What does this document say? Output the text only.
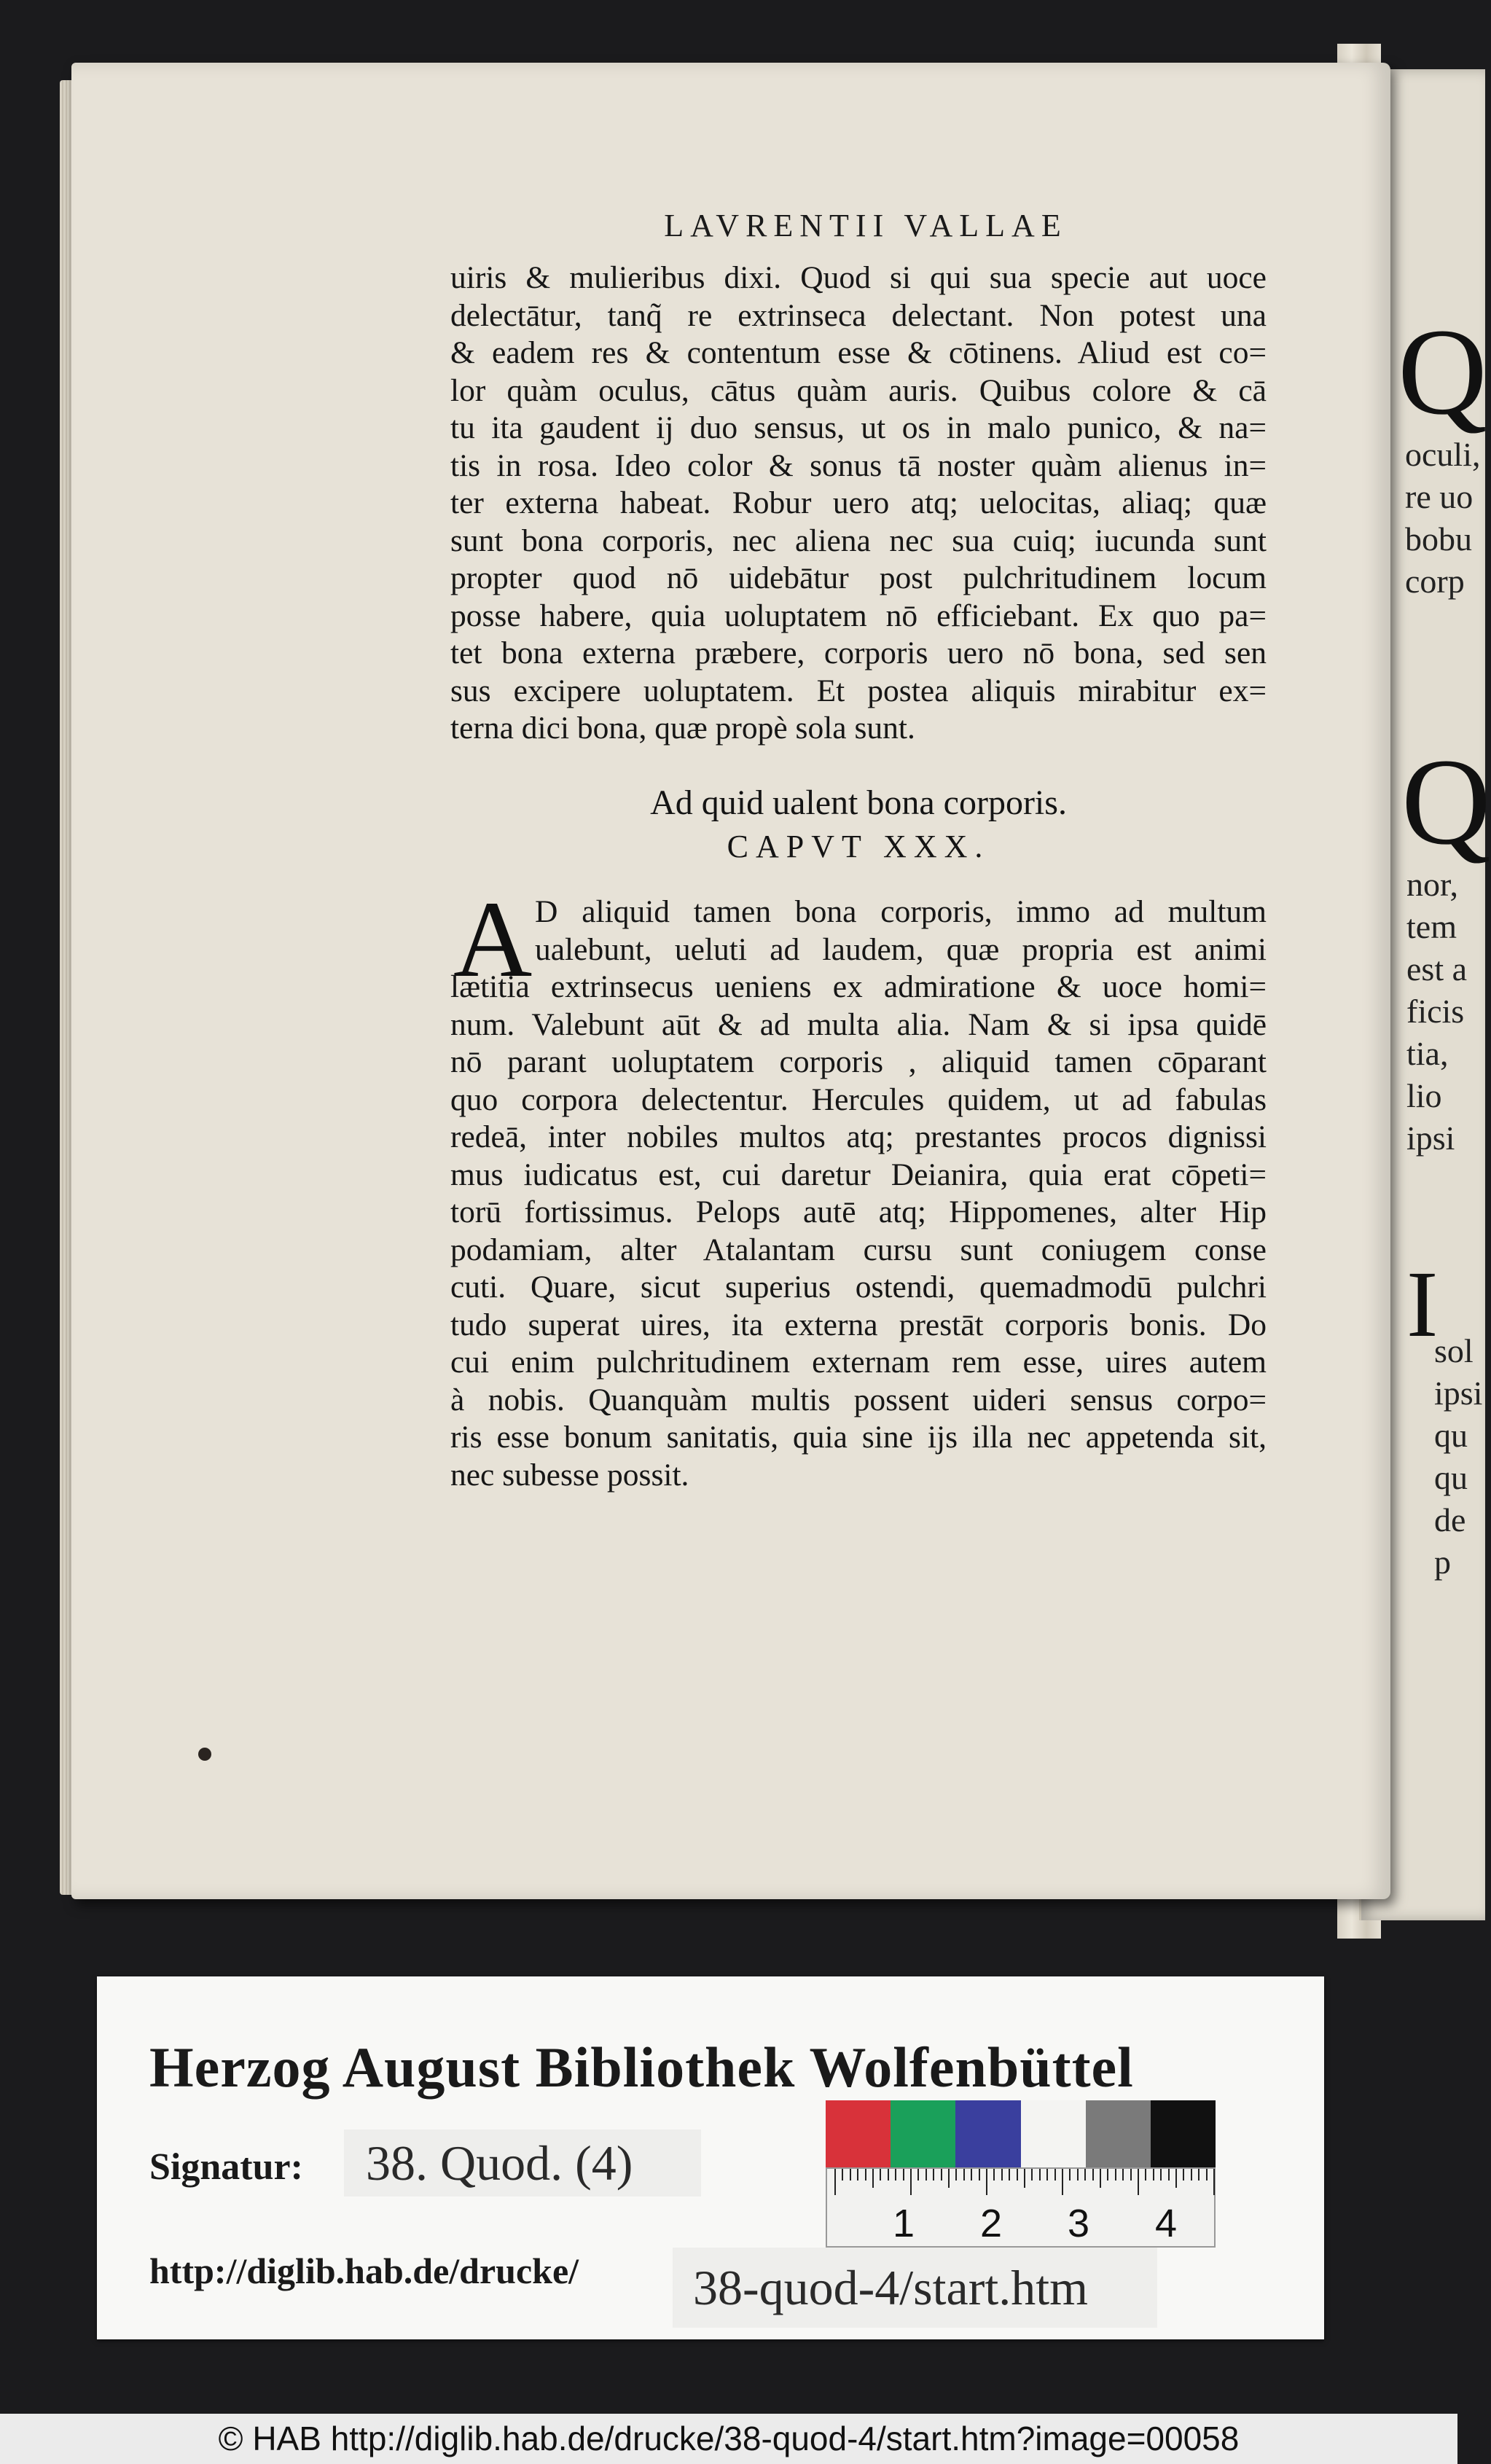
Q
oculi,
re uo
bobu
corp
Q
nor,
tem
est a
ficis
tia,
lio
ipsi
I
sol
ipsi
qu
qu
de
p
LAVRENTII VALLAE
uiris & mulieribus dixi. Quod si qui sua specie aut uoce
delectātur, tanq̃ re extrinseca delectant. Non potest una
& eadem res & contentum esse & cōtinens. Aliud est co=
lor quàm oculus, cātus quàm auris. Quibus colore & cā
tu ita gaudent ij duo sensus, ut os in malo punico, & na=
tis in rosa. Ideo color & sonus tā noster quàm alienus in=
ter externa habeat. Robur uero atq; uelocitas, aliaq; quæ
sunt bona corporis, nec aliena nec sua cuiq; iucunda sunt
propter quod nō uidebātur post pulchritudinem locum
posse habere, quia uoluptatem nō efficiebant. Ex quo pa=
tet bona externa præbere, corporis uero nō bona, sed sen
sus excipere uoluptatem. Et postea aliquis mirabitur ex=
terna dici bona, quæ propè sola sunt.
Ad quid ualent bona corporis.
CAPVT XXX.
A D aliquid tamen bona corporis, immo ad multum
ualebunt, ueluti ad laudem, quæ propria est animi
lætitia extrinsecus ueniens ex admiratione & uoce homi=
num. Valebunt aūt & ad multa alia. Nam & si ipsa quidē
nō parant uoluptatem corporis , aliquid tamen cōparant
quo corpora delectentur. Hercules quidem, ut ad fabulas
redeā, inter nobiles multos atq; prestantes procos dignissi
mus iudicatus est, cui daretur Deianira, quia erat cōpeti=
torū fortissimus. Pelops autē atq; Hippomenes, alter Hip
podamiam, alter Atalantam cursu sunt coniugem conse
cuti. Quare, sicut superius ostendi, quemadmodū pulchri
tudo superat uires, ita externa prestāt corporis bonis. Do
cui enim pulchritudinem externam rem esse, uires autem
à nobis. Quanquàm multis possent uideri sensus corpo=
ris esse bonum sanitatis, quia sine ijs illa nec appetenda sit,
nec subesse possit.
Herzog August Bibliothek Wolfenbüttel
Signatur:	38. Quod. (4)
http://diglib.hab.de/drucke/	38-quod-4/start.htm
1 2 3 4
© HAB http://diglib.hab.de/drucke/38-quod-4/start.htm?image=00058
